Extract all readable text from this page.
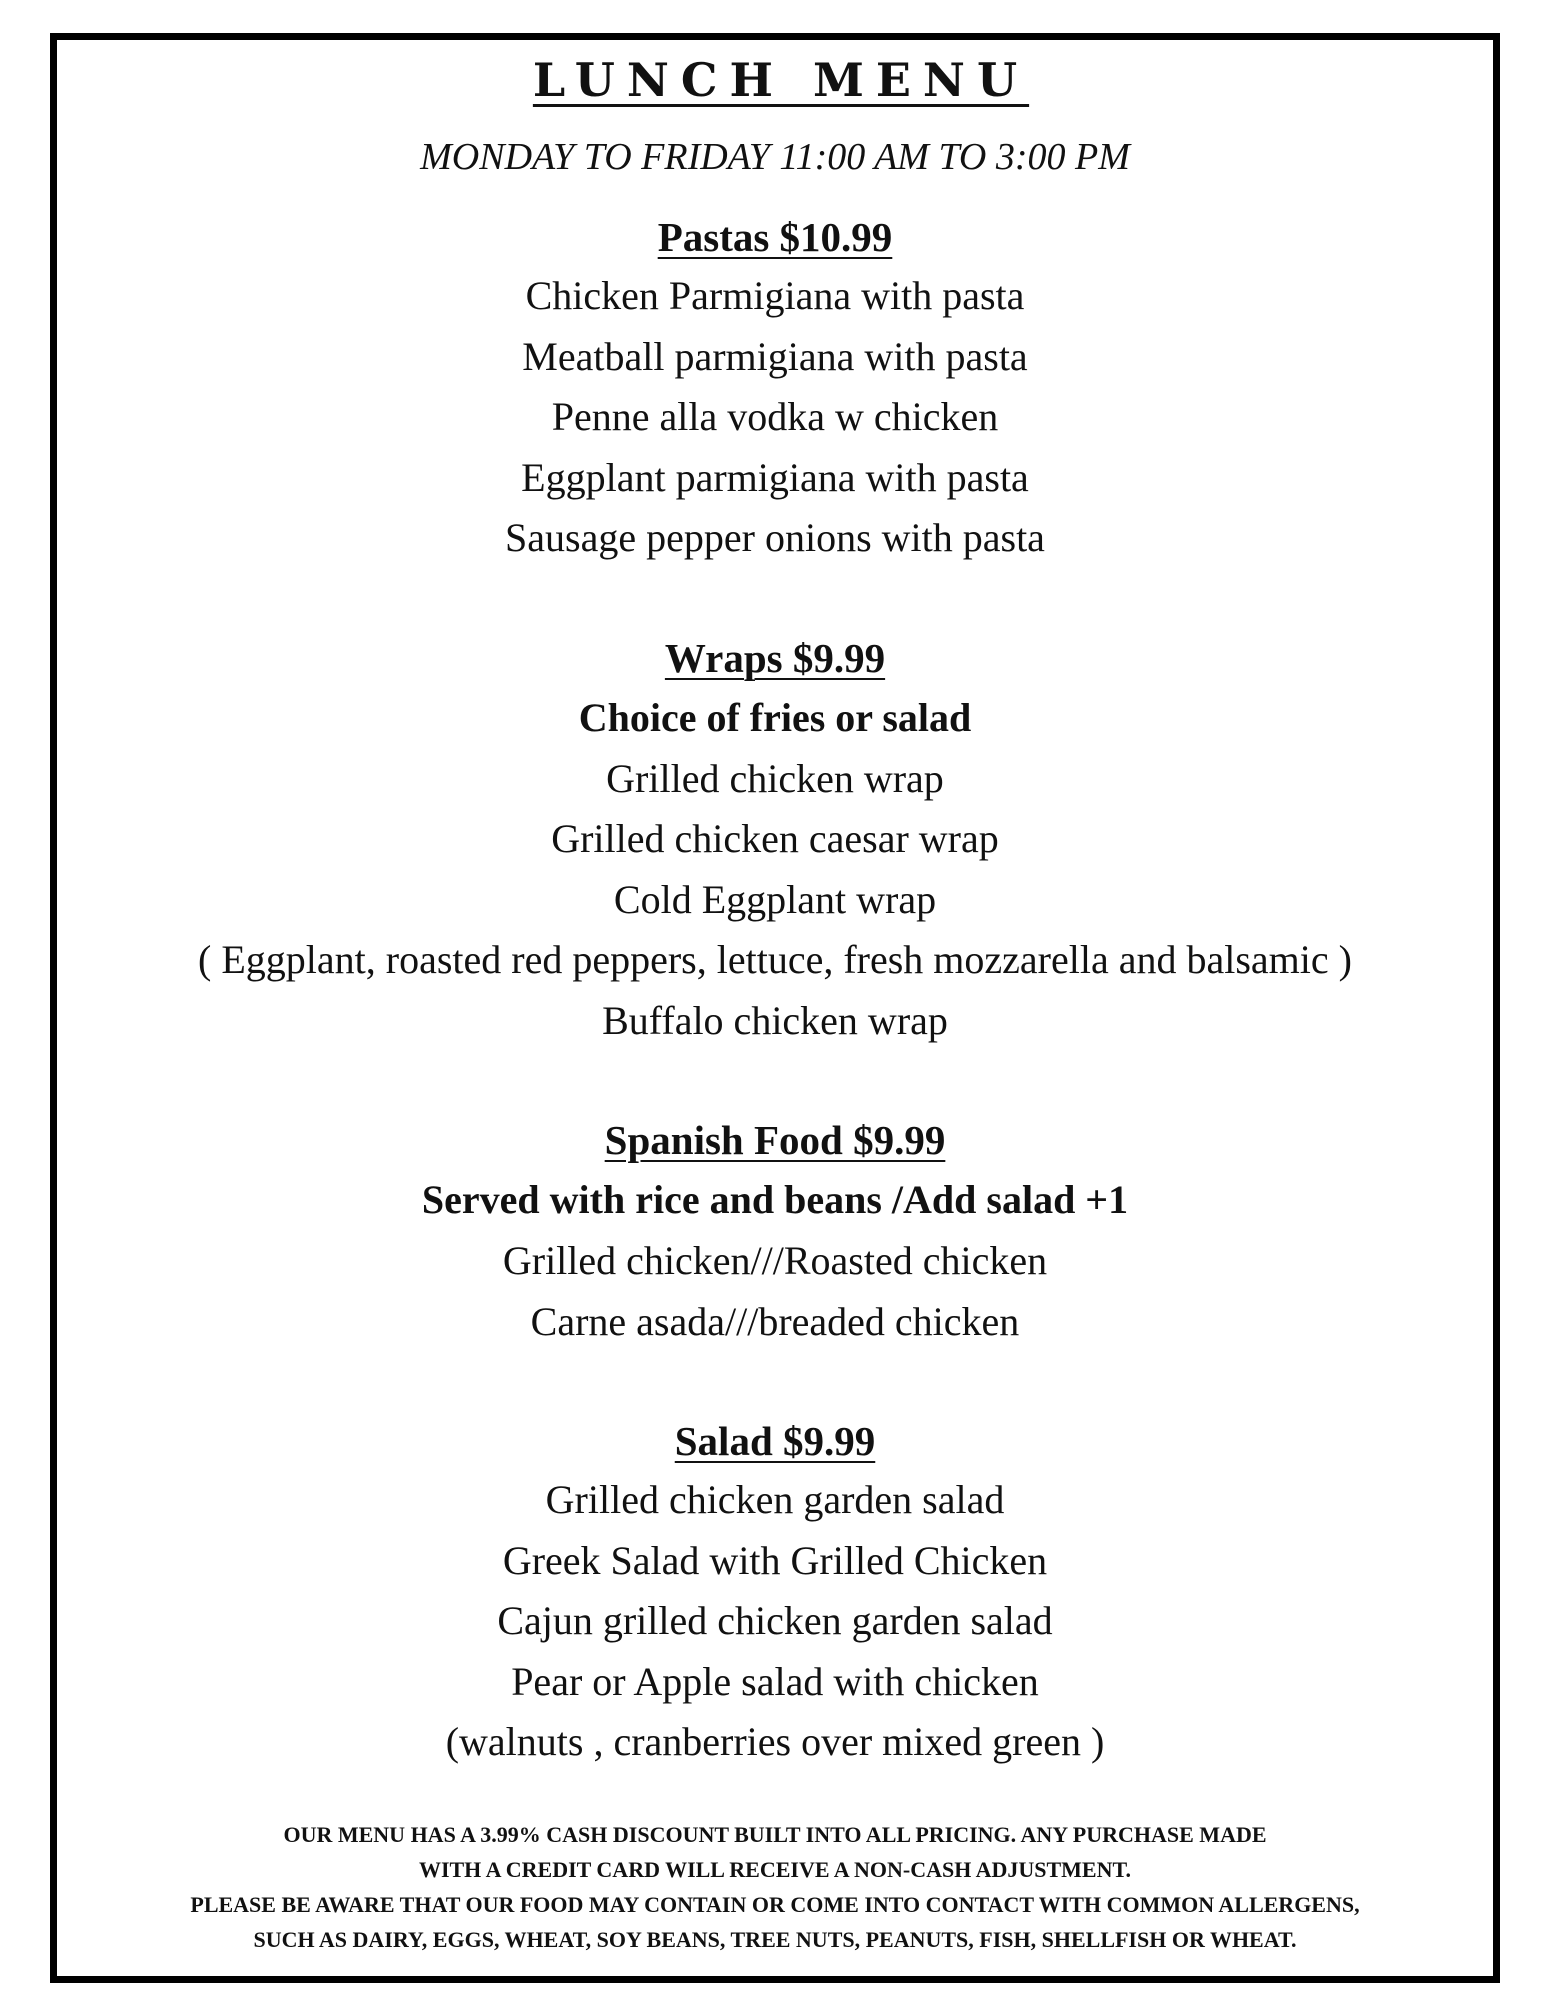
LUNCH MENU
MONDAY TO FRIDAY 11:00 AM TO 3:00 PM
Pastas $10.99
Chicken Parmigiana with pasta
Meatball parmigiana with pasta
Penne alla vodka w chicken
Eggplant parmigiana with pasta
Sausage pepper onions with pasta
Wraps $9.99
Choice of fries or salad
Grilled chicken wrap
Grilled chicken caesar wrap
Cold Eggplant wrap
( Eggplant, roasted red peppers, lettuce, fresh mozzarella and balsamic )
Buffalo chicken wrap
Spanish Food $9.99
Served with rice and beans /Add salad +1
Grilled chicken///Roasted chicken
Carne asada///breaded chicken
Salad $9.99
Grilled chicken garden salad
Greek Salad with Grilled Chicken
Cajun grilled chicken garden salad
Pear or Apple salad with chicken
(walnuts , cranberries over mixed green )
OUR MENU HAS A 3.99% CASH DISCOUNT BUILT INTO ALL PRICING. ANY PURCHASE MADE
WITH A CREDIT CARD WILL RECEIVE A NON-CASH ADJUSTMENT.
PLEASE BE AWARE THAT OUR FOOD MAY CONTAIN OR COME INTO CONTACT WITH COMMON ALLERGENS,
SUCH AS DAIRY, EGGS, WHEAT, SOY BEANS, TREE NUTS, PEANUTS, FISH, SHELLFISH OR WHEAT.
